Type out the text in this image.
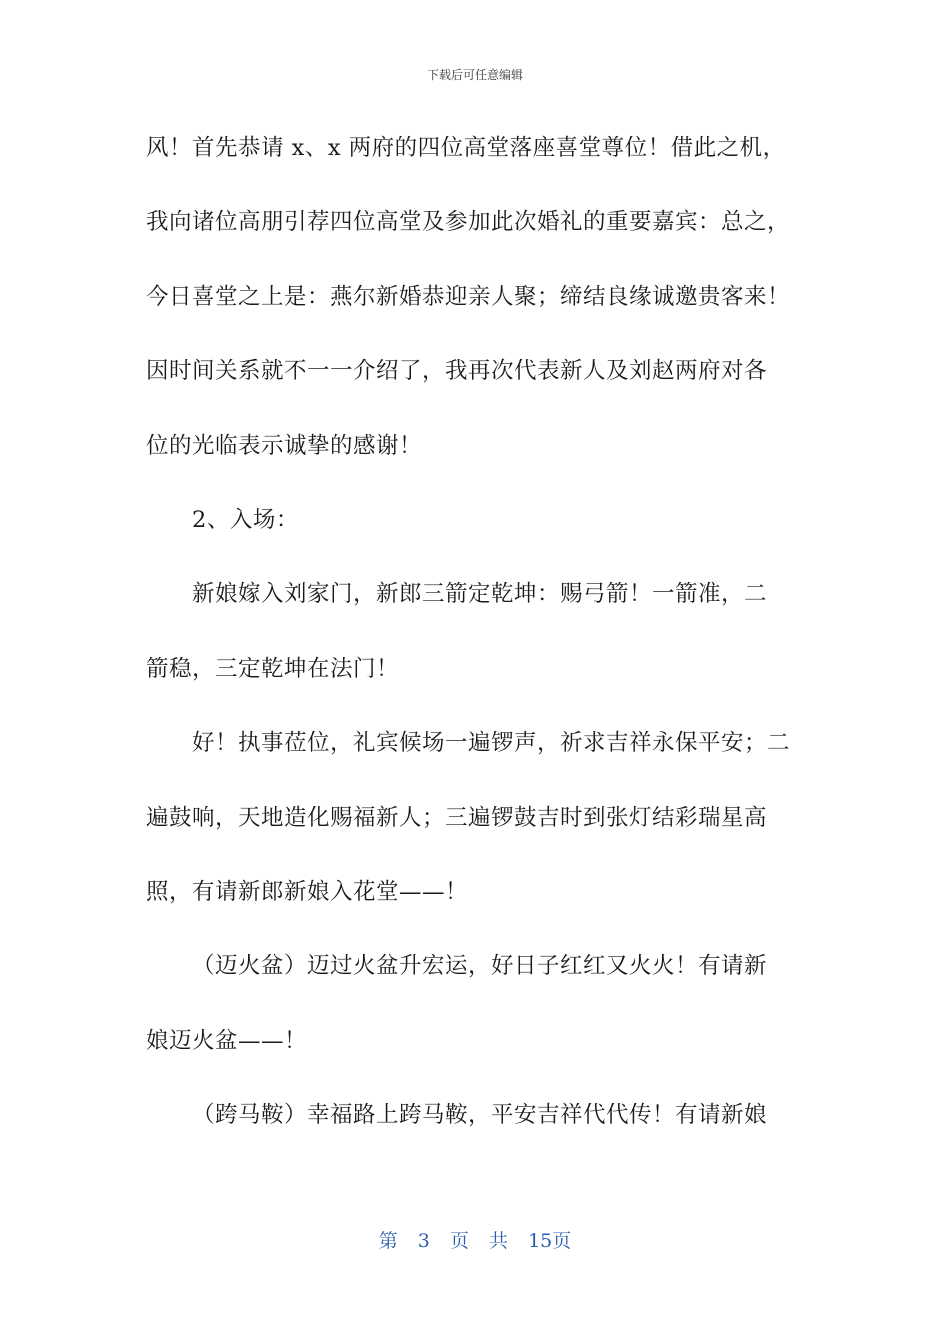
下载后可任意编辑
风！首先恭请 x、x 两府的四位高堂落座喜堂尊位！借此之机，
我向诸位高朋引荐四位高堂及参加此次婚礼的重要嘉宾：总之，
今日喜堂之上是：燕尔新婚恭迎亲人聚；缔结良缘诚邀贵客来！
因时间关系就不一一介绍了，我再次代表新人及刘赵两府对各
位的光临表示诚挚的感谢！
2、入场：
新娘嫁入刘家门，新郎三箭定乾坤：赐弓箭！一箭准，二
箭稳，三定乾坤在法门！
好！执事莅位，礼宾候场一遍锣声，祈求吉祥永保平安；二
遍鼓响，天地造化赐福新人；三遍锣鼓吉时到张灯结彩瑞星高
照，有请新郎新娘入花堂——！
（迈火盆）迈过火盆升宏运，好日子红红又火火！有请新
娘迈火盆——！
（跨马鞍）幸福路上跨马鞍，平安吉祥代代传！有请新娘
第 3 页 共 15页
